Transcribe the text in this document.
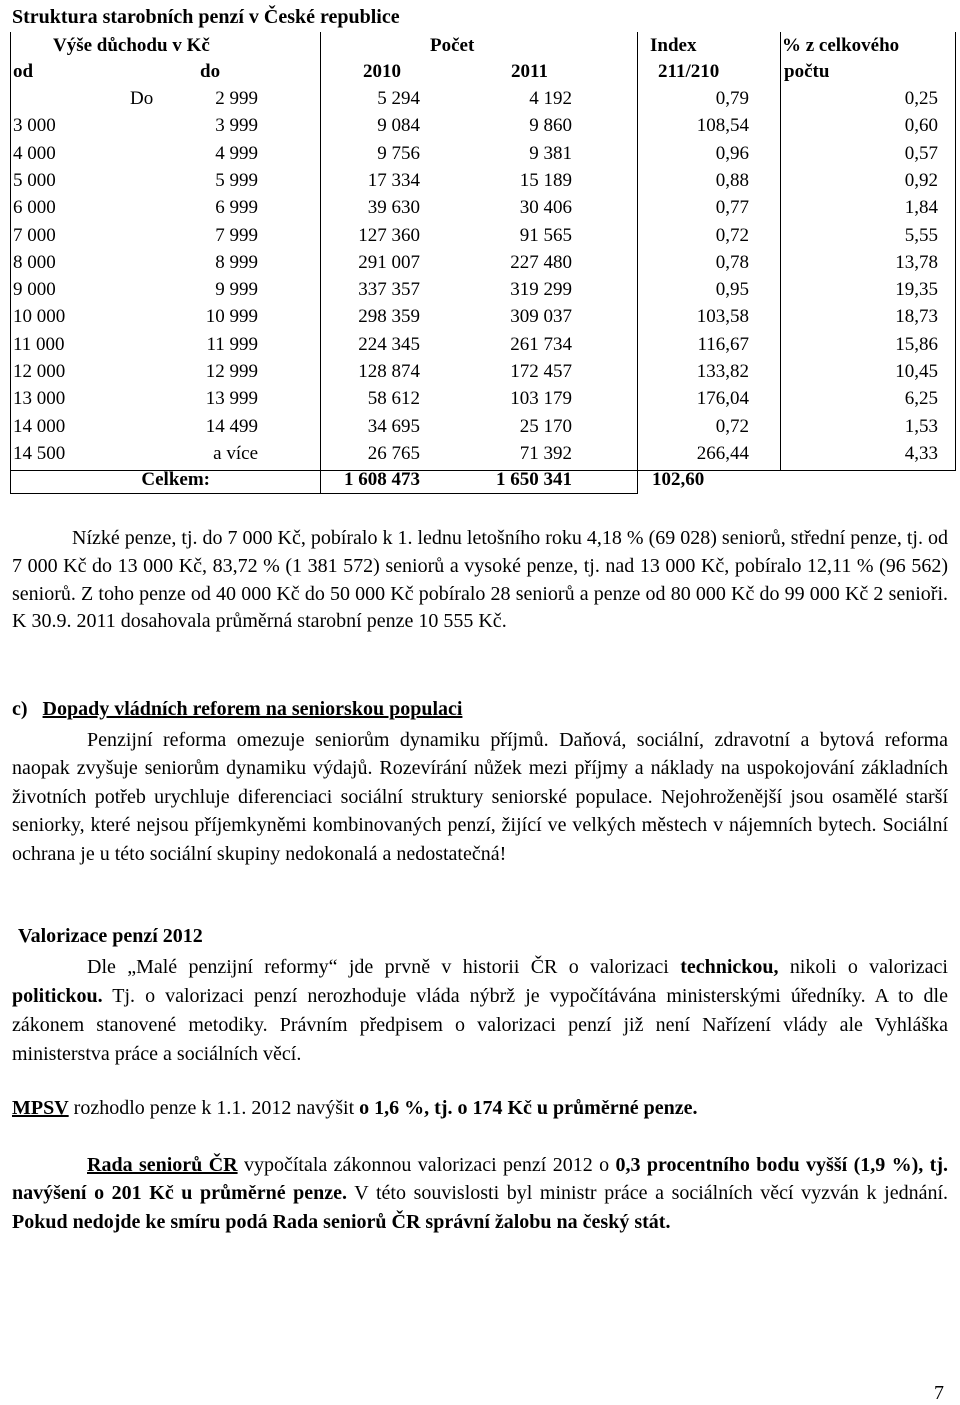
Struktura starobních penzí v České republice
Výše důchodu v Kč	Počet	Index	% z celkového
od	do	2010	2011	211/210	počtu
Do	2 999	5 294	4 192	0,79	0,25
3 000	3 999	9 084	9 860	108,54	0,60
4 000	4 999	9 756	9 381	0,96	0,57
5 000	5 999	17 334	15 189	0,88	0,92
6 000	6 999	39 630	30 406	0,77	1,84
7 000	7 999	127 360	91 565	0,72	5,55
8 000	8 999	291 007	227 480	0,78	13,78
9 000	9 999	337 357	319 299	0,95	19,35
10 000	10 999	298 359	309 037	103,58	18,73
11 000	11 999	224 345	261 734	116,67	15,86
12 000	12 999	128 874	172 457	133,82	10,45
13 000	13 999	58 612	103 179	176,04	6,25
14 000	14 499	34 695	25 170	0,72	1,53
14 500	a více	26 765	71 392	266,44	4,33
Celkem:	1 608 473	1 650 341	102,60
Nízké penze, tj. do 7 000 Kč, pobíralo k 1. lednu letošního roku 4,18 % (69 028) seniorů, střední penze, tj. od 7 000 Kč do 13 000 Kč, 83,72 % (1 381 572) seniorů a vysoké penze, tj. nad 13 000 Kč, pobíralo 12,11 % (96 562) seniorů. Z toho penze od 40 000 Kč do 50 000 Kč pobíralo 28 seniorů a penze od 80 000 Kč do 99 000 Kč 2 senioři. K 30.9. 2011 dosahovala průměrná starobní penze 10 555 Kč.
c) Dopady vládních reforem na seniorskou populaci
Penzijní reforma omezuje seniorům dynamiku příjmů. Daňová, sociální, zdravotní a bytová reforma naopak zvyšuje seniorům dynamiku výdajů. Rozevírání nůžek mezi příjmy a náklady na uspokojování základních životních potřeb urychluje diferenciaci sociální struktury seniorské populace. Nejohroženější jsou osamělé starší seniorky, které nejsou příjemkyněmi kombinovaných penzí, žijící ve velkých městech v nájemních bytech. Sociální ochrana je u této sociální skupiny nedokonalá a nedostatečná!
Valorizace penzí 2012
Dle „Malé penzijní reformy“ jde prvně v historii ČR o valorizaci technickou, nikoli o valorizaci politickou. Tj. o valorizaci penzí nerozhoduje vláda nýbrž je vypočítávána ministerskými úředníky. A to dle zákonem stanovené metodiky. Právním předpisem o valorizaci penzí již není Nařízení vlády ale Vyhláška ministerstva práce a sociálních věcí.
MPSV rozhodlo penze k 1.1. 2012 navýšit o 1,6 %, tj. o 174 Kč u průměrné penze.
Rada seniorů ČR vypočítala zákonnou valorizaci penzí 2012 o 0,3 procentního bodu vyšší (1,9 %), tj. navýšení o 201 Kč u průměrné penze. V této souvislosti byl ministr práce a sociálních věcí vyzván k jednání. Pokud nedojde ke smíru podá Rada seniorů ČR správní žalobu na český stát.
7
